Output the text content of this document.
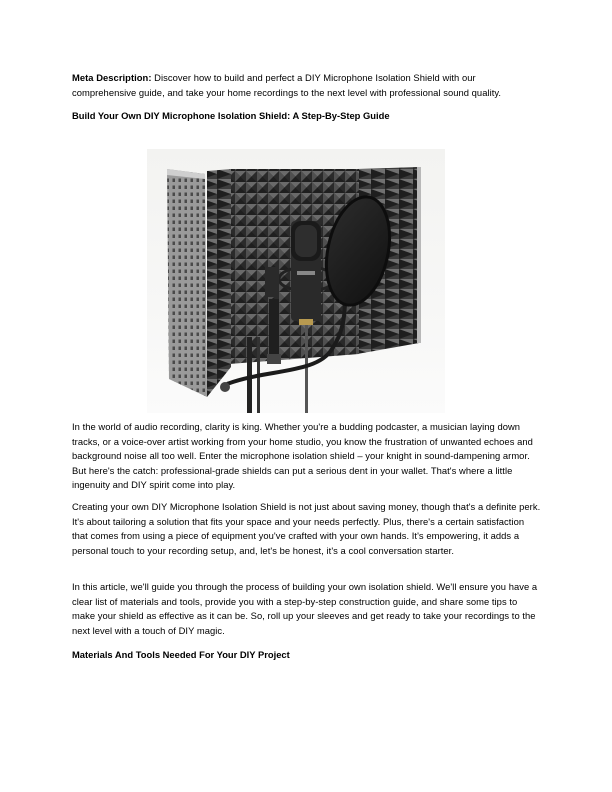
Meta Description: Discover how to build and perfect a DIY Microphone Isolation Shield with our comprehensive guide, and take your home recordings to the next level with professional sound quality.

Build Your Own DIY Microphone Isolation Shield: A Step-By-Step Guide

In the world of audio recording, clarity is king. Whether you're a budding podcaster, a musician laying down tracks, or a voice-over artist working from your home studio, you know the frustration of unwanted echoes and background noise all too well. Enter the microphone isolation shield – your knight in sound-dampening armor. But here's the catch: professional-grade shields can put a serious dent in your wallet. That's where a little ingenuity and DIY spirit come into play.

Creating your own DIY Microphone Isolation Shield is not just about saving money, though that's a definite perk. It's about tailoring a solution that fits your space and your needs perfectly. Plus, there's a certain satisfaction that comes from using a piece of equipment you've crafted with your own hands. It's empowering, it adds a personal touch to your recording setup, and, let's be honest, it's a cool conversation starter.

In this article, we'll guide you through the process of building your own isolation shield. We'll ensure you have a clear list of materials and tools, provide you with a step-by-step construction guide, and share some tips to make your shield as effective as it can be. So, roll up your sleeves and get ready to take your recordings to the next level with a touch of DIY magic.

Materials And Tools Needed For Your DIY Project
